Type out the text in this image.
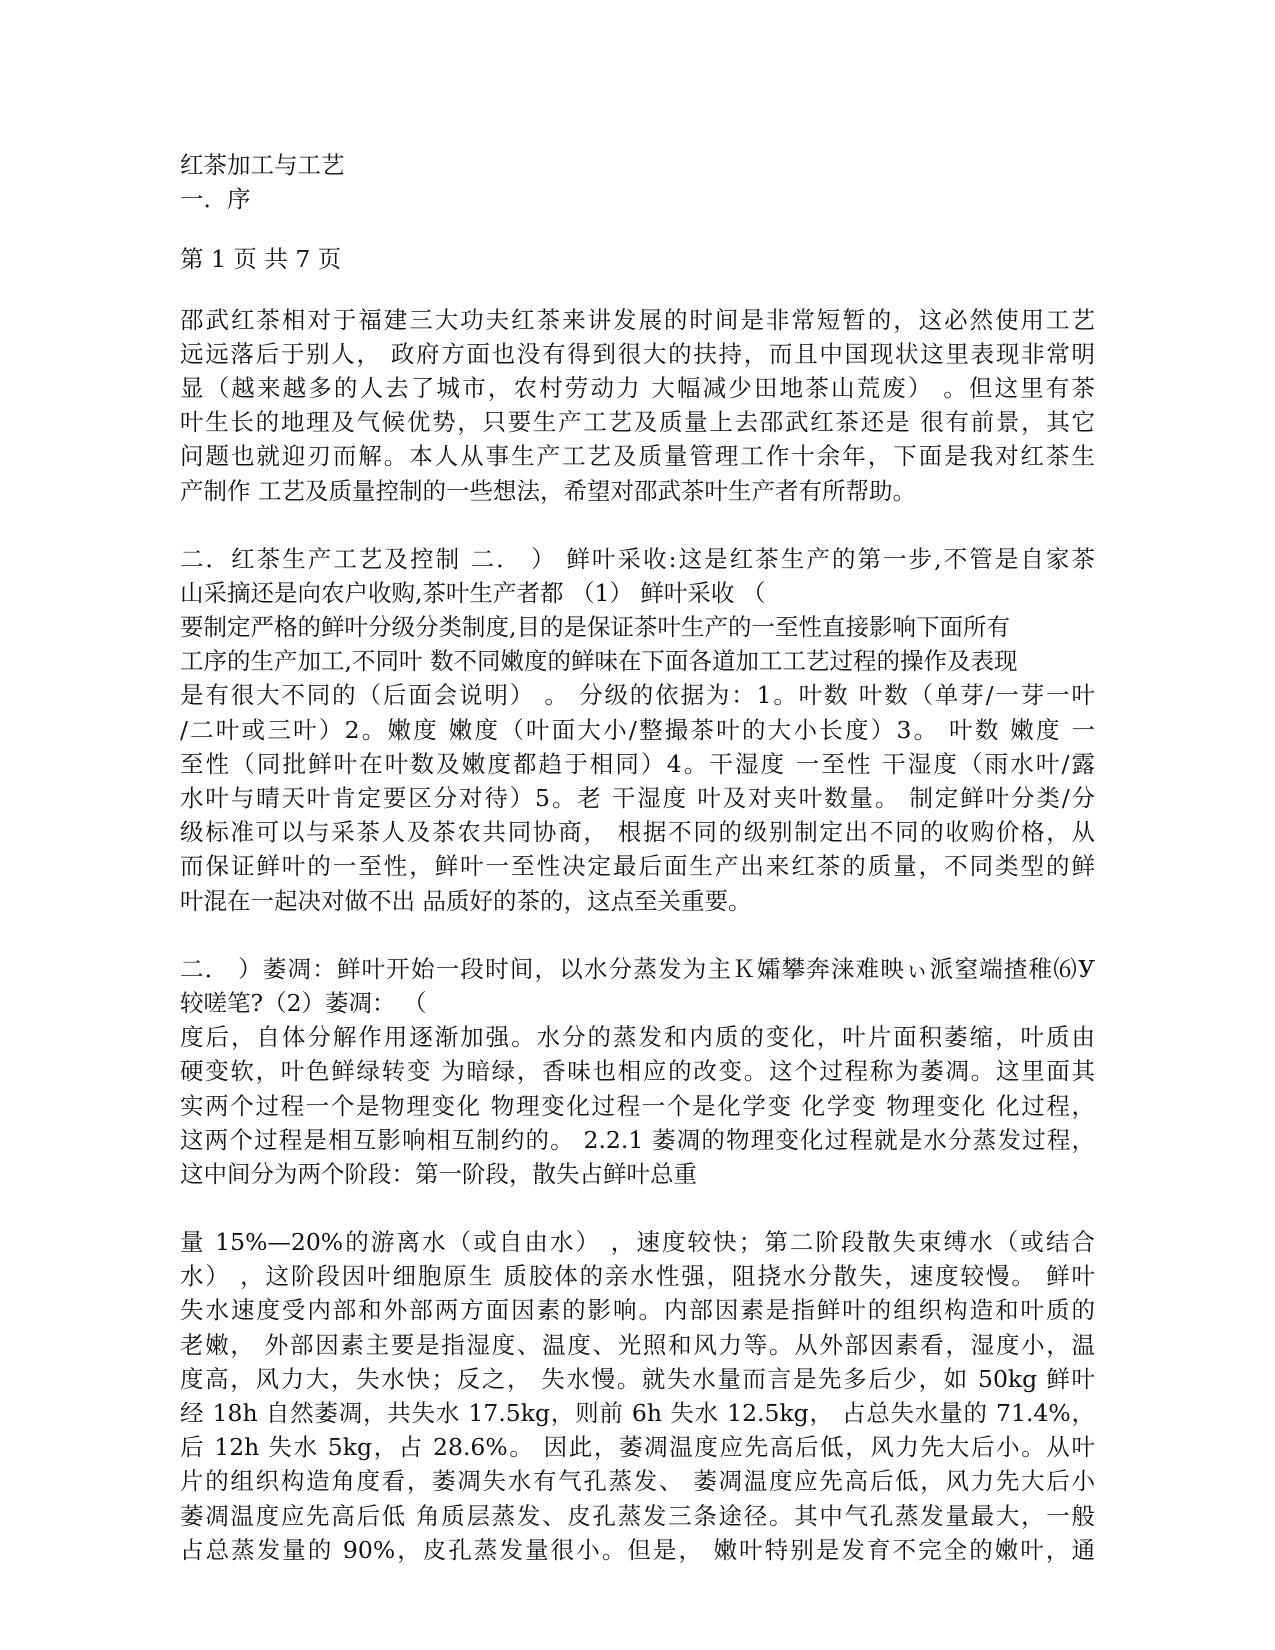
红茶加工与工艺
一．序
第 1 页 共 7 页
邵武红茶相对于福建三大功夫红茶来讲发展的时间是非常短暂的，这必然使用工艺
远远落后于别人， 政府方面也没有得到很大的扶持，而且中国现状这里表现非常明
显（越来越多的人去了城市，农村劳动力 大幅减少田地茶山荒废） 。但这里有茶
叶生长的地理及气候优势，只要生产工艺及质量上去邵武红茶还是 很有前景，其它
问题也就迎刃而解。本人从事生产工艺及质量管理工作十余年，下面是我对红茶生
产制作 工艺及质量控制的一些想法，希望对邵武茶叶生产者有所帮助。
二．红茶生产工艺及控制 二． ） 鲜叶采收:这是红茶生产的第一步,不管是自家茶
山采摘还是向农户收购,茶叶生产者都 （1） 鲜叶采收 （
要制定严格的鲜叶分级分类制度,目的是保证茶叶生产的一至性直接影响下面所有
工序的生产加工,不同叶 数不同嫩度的鲜味在下面各道加工工艺过程的操作及表现
是有很大不同的（后面会说明） 。 分级的依据为：1。叶数 叶数（单芽/一芽一叶
/二叶或三叶）2。嫩度 嫩度（叶面大小/整撮茶叶的大小长度）3。 叶数 嫩度 一
至性（同批鲜叶在叶数及嫩度都趋于相同）4。干湿度 一至性 干湿度（雨水叶/露
水叶与晴天叶肯定要区分对待）5。老 干湿度 叶及对夹叶数量。 制定鲜叶分类/分
级标准可以与采茶人及茶农共同协商， 根据不同的级别制定出不同的收购价格，从
而保证鲜叶的一至性，鲜叶一至性决定最后面生产出来红茶的质量，不同类型的鲜
叶混在一起决对做不出 品质好的茶的，这点至关重要。
二． ）萎凋：鲜叶开始一段时间，以水分蒸发为主Ｋ孀攀奔涞难映ぃ派窒端揸稚⑹У
较嗟笔?（2）萎凋： （
度后，自体分解作用逐渐加强。水分的蒸发和内质的变化，叶片面积萎缩，叶质由
硬变软，叶色鲜绿转变 为暗绿，香味也相应的改变。这个过程称为萎凋。这里面其
实两个过程一个是物理变化 物理变化过程一个是化学变 化学变 物理变化 化过程，
这两个过程是相互影响相互制约的。 2.2.1 萎凋的物理变化过程就是水分蒸发过程，
这中间分为两个阶段：第一阶段，散失占鲜叶总重
量 15%—20%的游离水（或自由水） ，速度较快；第二阶段散失束缚水（或结合
水） ，这阶段因叶细胞原生 质胶体的亲水性强，阻挠水分散失，速度较慢。 鲜叶
失水速度受内部和外部两方面因素的影响。内部因素是指鲜叶的组织构造和叶质的
老嫩， 外部因素主要是指湿度、温度、光照和风力等。从外部因素看，湿度小，温
度高，风力大，失水快；反之， 失水慢。就失水量而言是先多后少，如 50kg 鲜叶
经 18h 自然萎凋，共失水 17.5kg，则前 6h 失水 12.5kg， 占总失水量的 71.4%，
后 12h 失水 5kg，占 28.6%。 因此，萎凋温度应先高后低，风力先大后小。从叶
片的组织构造角度看，萎凋失水有气孔蒸发、 萎凋温度应先高后低，风力先大后小
萎凋温度应先高后低 角质层蒸发、皮孔蒸发三条途径。其中气孔蒸发量最大，一般
占总蒸发量的 90%，皮孔蒸发量很小。但是， 嫩叶特别是发育不完全的嫩叶，通
